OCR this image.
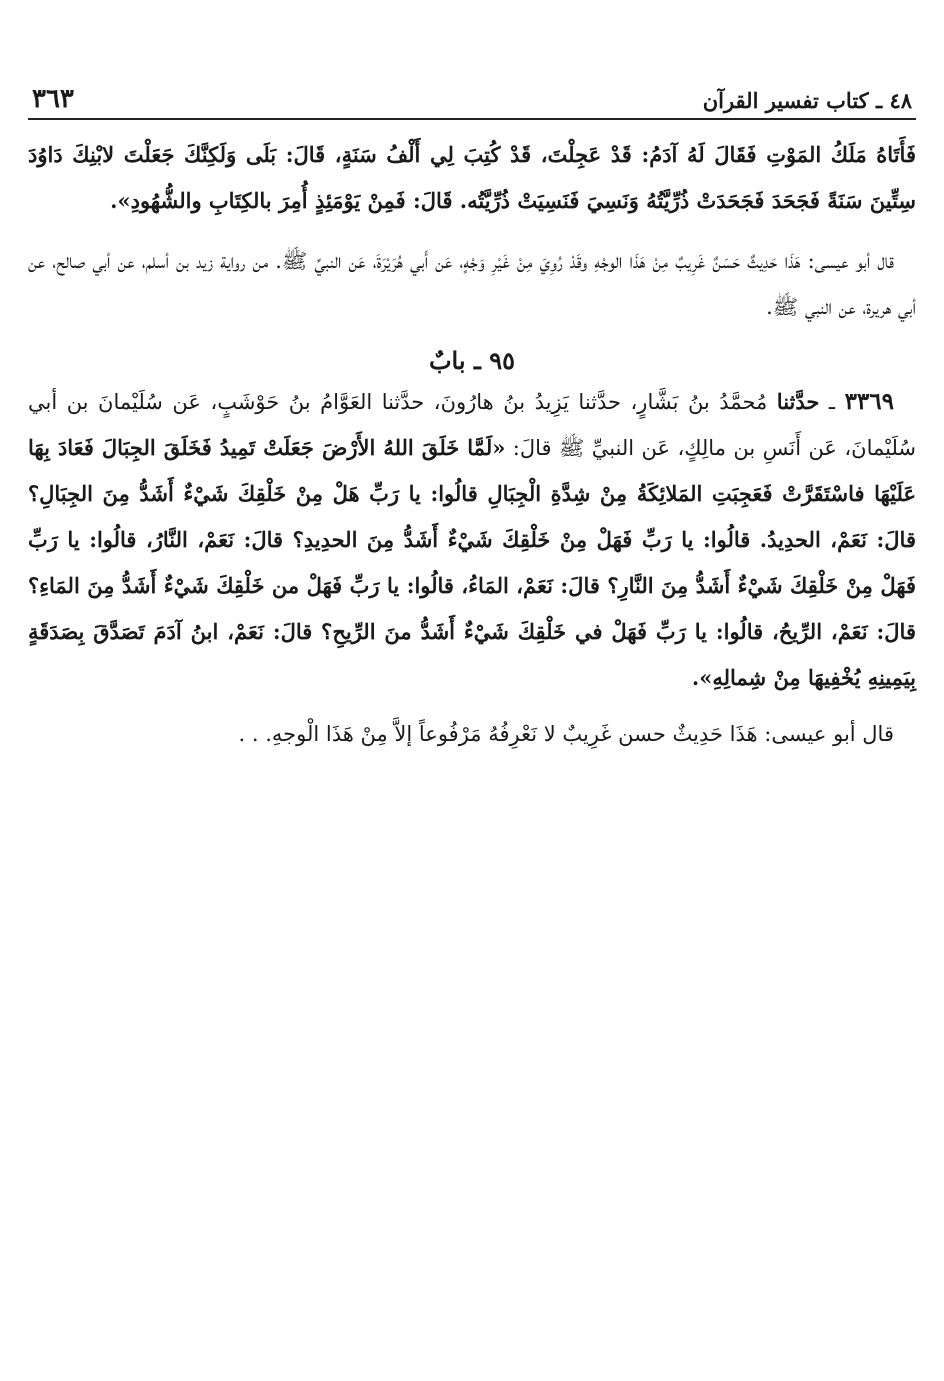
٤٨ ـ كتاب تفسير القرآن
٣٦٣

فَأَتَاهُ مَلَكُ المَوْتِ فَقَالَ لَهُ آدَمُ: قَدْ عَجِلْتَ، قَدْ كُتِبَ لِي أَلْفُ سَنَةٍ، قَالَ: بَلَى وَلَكِنَّكَ جَعَلْتَ لابْنِكَ دَاوُدَ سِتِّينَ سَنَةً فَجَحَدَ فَجَحَدَتْ ذُرِّيَّتُهُ وَنَسِيَ فَنَسِيَتْ ذُرِّيَّتُه. قَالَ: فَمِنْ يَوْمَئِذٍ أُمِرَ بالكِتَابِ والشُّهُودِ».

قال أبو عيسى: هَذَا حَدِيثٌ حَسَنٌ غَرِيبٌ مِنْ هَذَا الوجْهِ وقَدْ رُوِيَ مِنْ غَيْرِ وَجْهٍ، عَن أَبي هُرَيْرَةَ، عَن النبيِّ ﷺ. من رواية زيد بن أسلم، عن أبي صالح، عن أبي هريرة، عن النبي ﷺ.

٩٥ ـ بابٌ

٣٣٦٩ ـ حدَّثنا مُحمَّدُ بنُ بَشَّارٍ، حدَّثنا يَزِيدُ بنُ هارُونَ، حدَّثنا العَوَّامُ بنُ حَوْشَبٍ، عَن سُلَيْمانَ بن أبي سُلَيْمانَ، عَن أَنَسِ بن مالِكٍ، عَن النبيِّ ﷺ قالَ: «لَمَّا خَلَقَ اللهُ الأَرْضَ جَعَلَتْ تَمِيدُ فَخَلَقَ الجِبَالَ فَعَادَ بِهَا عَلَيْهَا فاسْتَقَرَّتْ فَعَجِبَتِ المَلائِكَةُ مِنْ شِدَّةِ الْجِبَالِ قالُوا: يا رَبِّ هَلْ مِنْ خَلْقِكَ شَيْءٌ أَشَدُّ مِنَ الجِبَالِ؟ قالَ: نَعَمْ، الحدِيدُ. قالُوا: يا رَبِّ فَهَلْ مِنْ خَلْقِكَ شَيْءٌ أَشَدُّ مِنَ الحدِيدِ؟ قالَ: نَعَمْ، النَّارُ، قالُوا: يا رَبِّ فَهَلْ مِنْ خَلْقِكَ شَيْءٌ أَشَدُّ مِنَ النَّارِ؟ قالَ: نَعَمْ، المَاءُ، قالُوا: يا رَبِّ فَهَلْ من خَلْقِكَ شَيْءٌ أَشَدُّ مِنَ المَاءِ؟ قالَ: نَعَمْ، الرِّيحُ، قالُوا: يا رَبِّ فَهَلْ في خَلْقِكَ شَيْءٌ أَشَدُّ منَ الرِّيحِ؟ قالَ: نَعَمْ، ابنُ آدَمَ تَصَدَّقَ بِصَدَقَةٍ بِيَمِينِهِ يُخْفِيهَا مِنْ شِمالِهِ».

قال أبو عيسى: هَذَا حَدِيثٌ حسن غَرِيبٌ لا نَعْرِفُهُ مَرْفُوعاً إلاَّ مِنْ هَذَا الْوجهِ. . .
